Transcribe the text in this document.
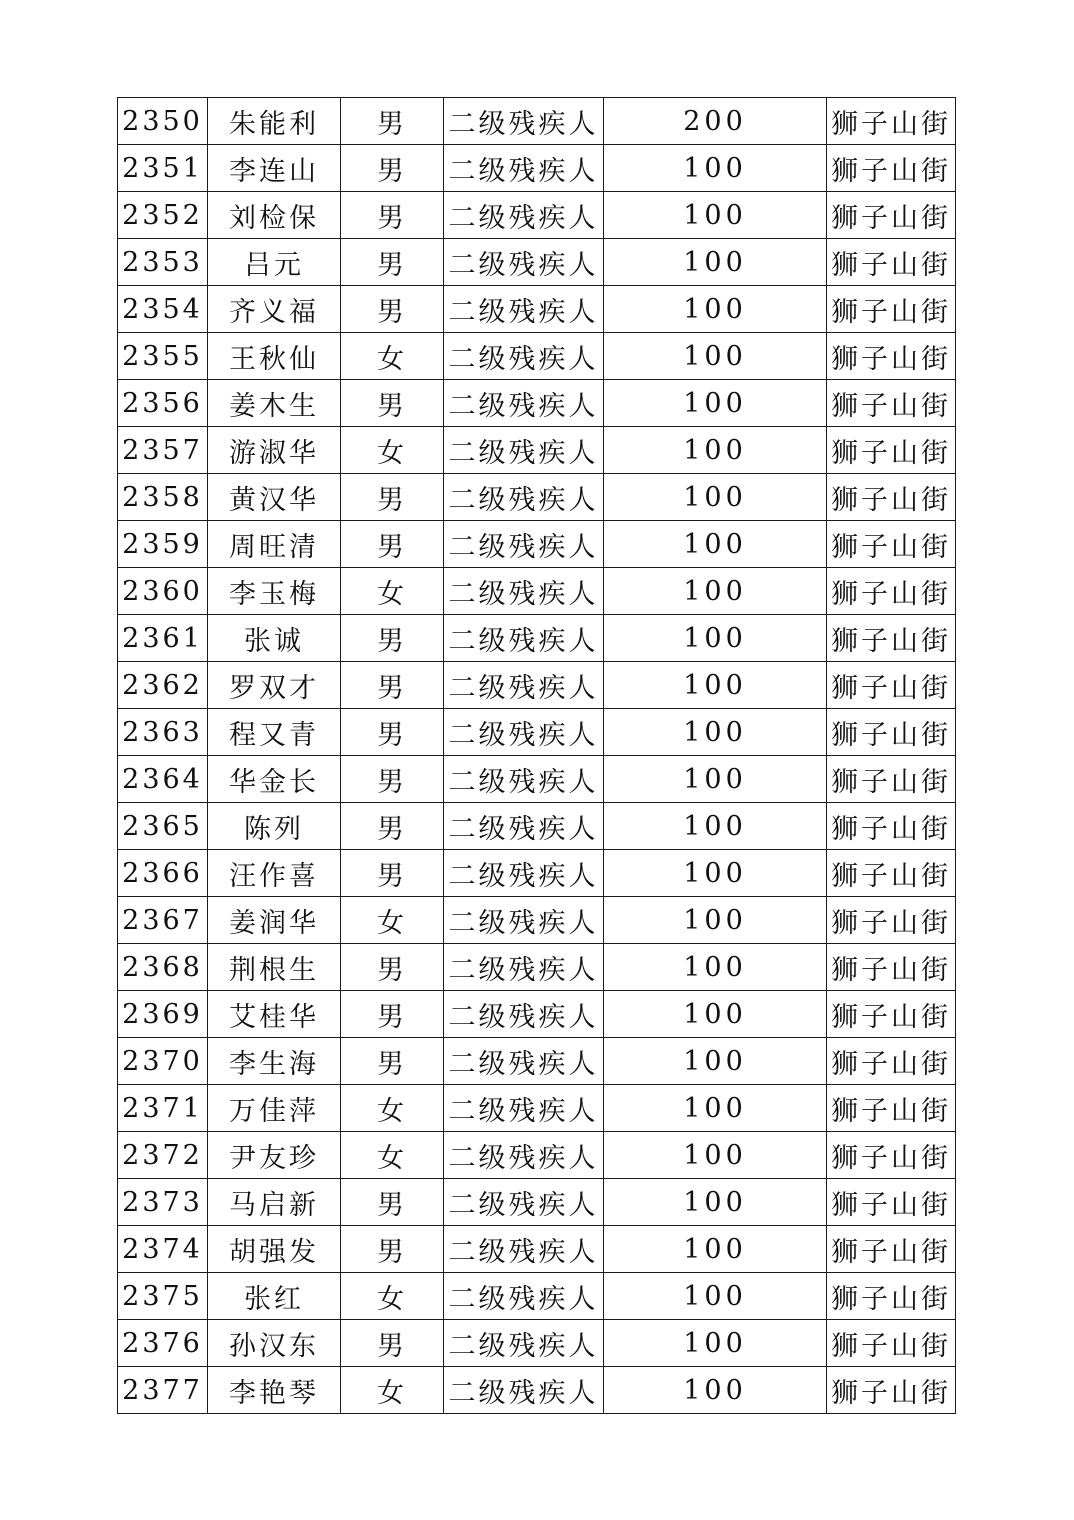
2350	朱能利	男	二级残疾人	200	狮子山街
2351	李连山	男	二级残疾人	100	狮子山街
2352	刘检保	男	二级残疾人	100	狮子山街
2353	吕元	男	二级残疾人	100	狮子山街
2354	齐义福	男	二级残疾人	100	狮子山街
2355	王秋仙	女	二级残疾人	100	狮子山街
2356	姜木生	男	二级残疾人	100	狮子山街
2357	游淑华	女	二级残疾人	100	狮子山街
2358	黄汉华	男	二级残疾人	100	狮子山街
2359	周旺清	男	二级残疾人	100	狮子山街
2360	李玉梅	女	二级残疾人	100	狮子山街
2361	张诚	男	二级残疾人	100	狮子山街
2362	罗双才	男	二级残疾人	100	狮子山街
2363	程又青	男	二级残疾人	100	狮子山街
2364	华金长	男	二级残疾人	100	狮子山街
2365	陈列	男	二级残疾人	100	狮子山街
2366	汪作喜	男	二级残疾人	100	狮子山街
2367	姜润华	女	二级残疾人	100	狮子山街
2368	荆根生	男	二级残疾人	100	狮子山街
2369	艾桂华	男	二级残疾人	100	狮子山街
2370	李生海	男	二级残疾人	100	狮子山街
2371	万佳萍	女	二级残疾人	100	狮子山街
2372	尹友珍	女	二级残疾人	100	狮子山街
2373	马启新	男	二级残疾人	100	狮子山街
2374	胡强发	男	二级残疾人	100	狮子山街
2375	张红	女	二级残疾人	100	狮子山街
2376	孙汉东	男	二级残疾人	100	狮子山街
2377	李艳琴	女	二级残疾人	100	狮子山街
